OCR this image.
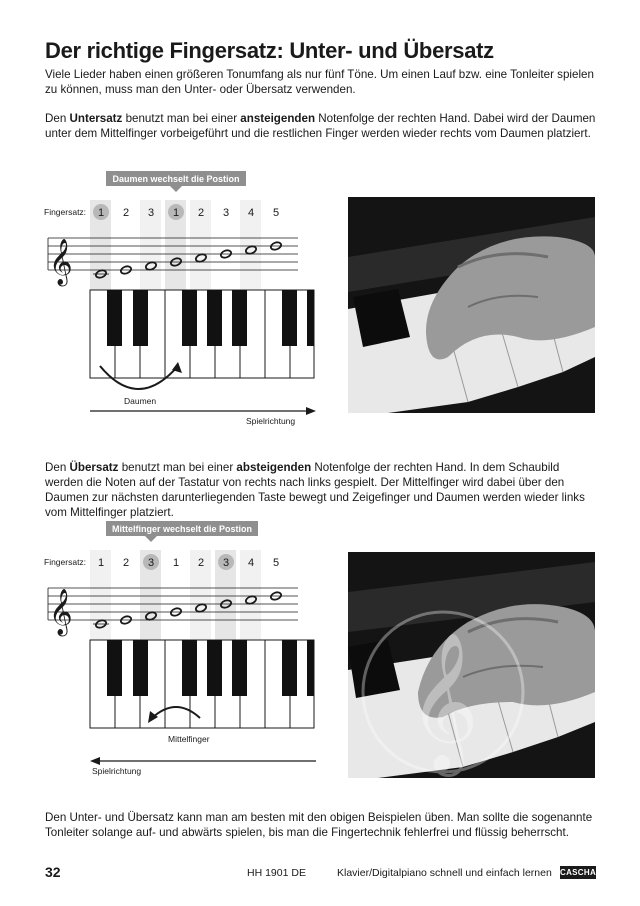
Der richtige Fingersatz: Unter- und Übersatz
Viele Lieder haben einen größeren Tonumfang als nur fünf Töne. Um einen Lauf bzw. eine Tonleiter spielen zu können, muss man den Unter- oder Übersatz verwenden.
Den Untersatz benutzt man bei einer ansteigenden Notenfolge der rechten Hand. Dabei wird der Daumen unter dem Mittelfinger vorbeigeführt und die restlichen Finger werden wieder rechts vom Daumen platziert.
Daumen wechselt die Postion
Fingersatz: 1 2 3 1 2 3 4 5
𝄞
Daumen
Spielrichtung
Den Übersatz benutzt man bei einer absteigenden Notenfolge der rechten Hand. In dem Schaubild werden die Noten auf der Tastatur von rechts nach links gespielt. Der Mittelfinger wird dabei über den Daumen zur nächsten darunterliegenden Taste bewegt und Zeigefinger und Daumen werden wieder links vom Mittelfinger platziert.
Mittelfinger wechselt die Postion
Fingersatz: 1 2 3 1 2 3 4 5
𝄞
Mittelfinger
Spielrichtung 𝄞
Den Unter- und Übersatz kann man am besten mit den obigen Beispielen üben. Man sollte die sogenannte Tonleiter solange auf- und abwärts spielen, bis man die Fingertechnik fehlerfrei und flüssig beherrscht.
32	HH 1901 DE	Klavier/Digitalpiano schnell und einfach lernen CASCHA
